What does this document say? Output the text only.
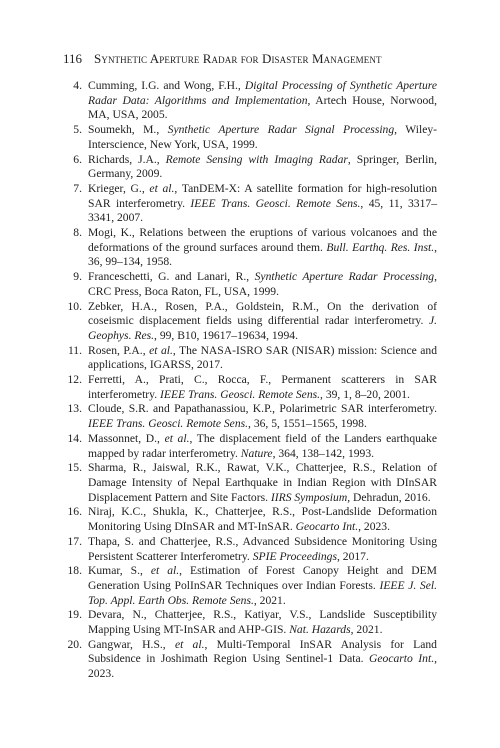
116 Synthetic Aperture Radar for Disaster Management
4. Cumming, I.G. and Wong, F.H., Digital Processing of Synthetic Aperture Radar Data: Algorithms and Implementation, Artech House, Norwood, MA, USA, 2005.
5. Soumekh, M., Synthetic Aperture Radar Signal Processing, Wiley-Interscience, New York, USA, 1999.
6. Richards, J.A., Remote Sensing with Imaging Radar, Springer, Berlin, Germany, 2009.
7. Krieger, G., et al., TanDEM-X: A satellite formation for high-resolution SAR interferometry. IEEE Trans. Geosci. Remote Sens., 45, 11, 3317–3341, 2007.
8. Mogi, K., Relations between the eruptions of various volcanoes and the deformations of the ground surfaces around them. Bull. Earthq. Res. Inst., 36, 99–134, 1958.
9. Franceschetti, G. and Lanari, R., Synthetic Aperture Radar Processing, CRC Press, Boca Raton, FL, USA, 1999.
10. Zebker, H.A., Rosen, P.A., Goldstein, R.M., On the derivation of coseismic displacement fields using differential radar interferometry. J. Geophys. Res., 99, B10, 19617–19634, 1994.
11. Rosen, P.A., et al., The NASA-ISRO SAR (NISAR) mission: Science and applications, IGARSS, 2017.
12. Ferretti, A., Prati, C., Rocca, F., Permanent scatterers in SAR interferometry. IEEE Trans. Geosci. Remote Sens., 39, 1, 8–20, 2001.
13. Cloude, S.R. and Papathanassiou, K.P., Polarimetric SAR interferometry. IEEE Trans. Geosci. Remote Sens., 36, 5, 1551–1565, 1998.
14. Massonnet, D., et al., The displacement field of the Landers earthquake mapped by radar interferometry. Nature, 364, 138–142, 1993.
15. Sharma, R., Jaiswal, R.K., Rawat, V.K., Chatterjee, R.S., Relation of Damage Intensity of Nepal Earthquake in Indian Region with DInSAR Displacement Pattern and Site Factors. IIRS Symposium, Dehradun, 2016.
16. Niraj, K.C., Shukla, K., Chatterjee, R.S., Post-Landslide Deformation Monitoring Using DInSAR and MT-InSAR. Geocarto Int., 2023.
17. Thapa, S. and Chatterjee, R.S., Advanced Subsidence Monitoring Using Persistent Scatterer Interferometry. SPIE Proceedings, 2017.
18. Kumar, S., et al., Estimation of Forest Canopy Height and DEM Generation Using PolInSAR Techniques over Indian Forests. IEEE J. Sel. Top. Appl. Earth Obs. Remote Sens., 2021.
19. Devara, N., Chatterjee, R.S., Katiyar, V.S., Landslide Susceptibility Mapping Using MT-InSAR and AHP-GIS. Nat. Hazards, 2021.
20. Gangwar, H.S., et al., Multi-Temporal InSAR Analysis for Land Subsidence in Joshimath Region Using Sentinel-1 Data. Geocarto Int., 2023.
